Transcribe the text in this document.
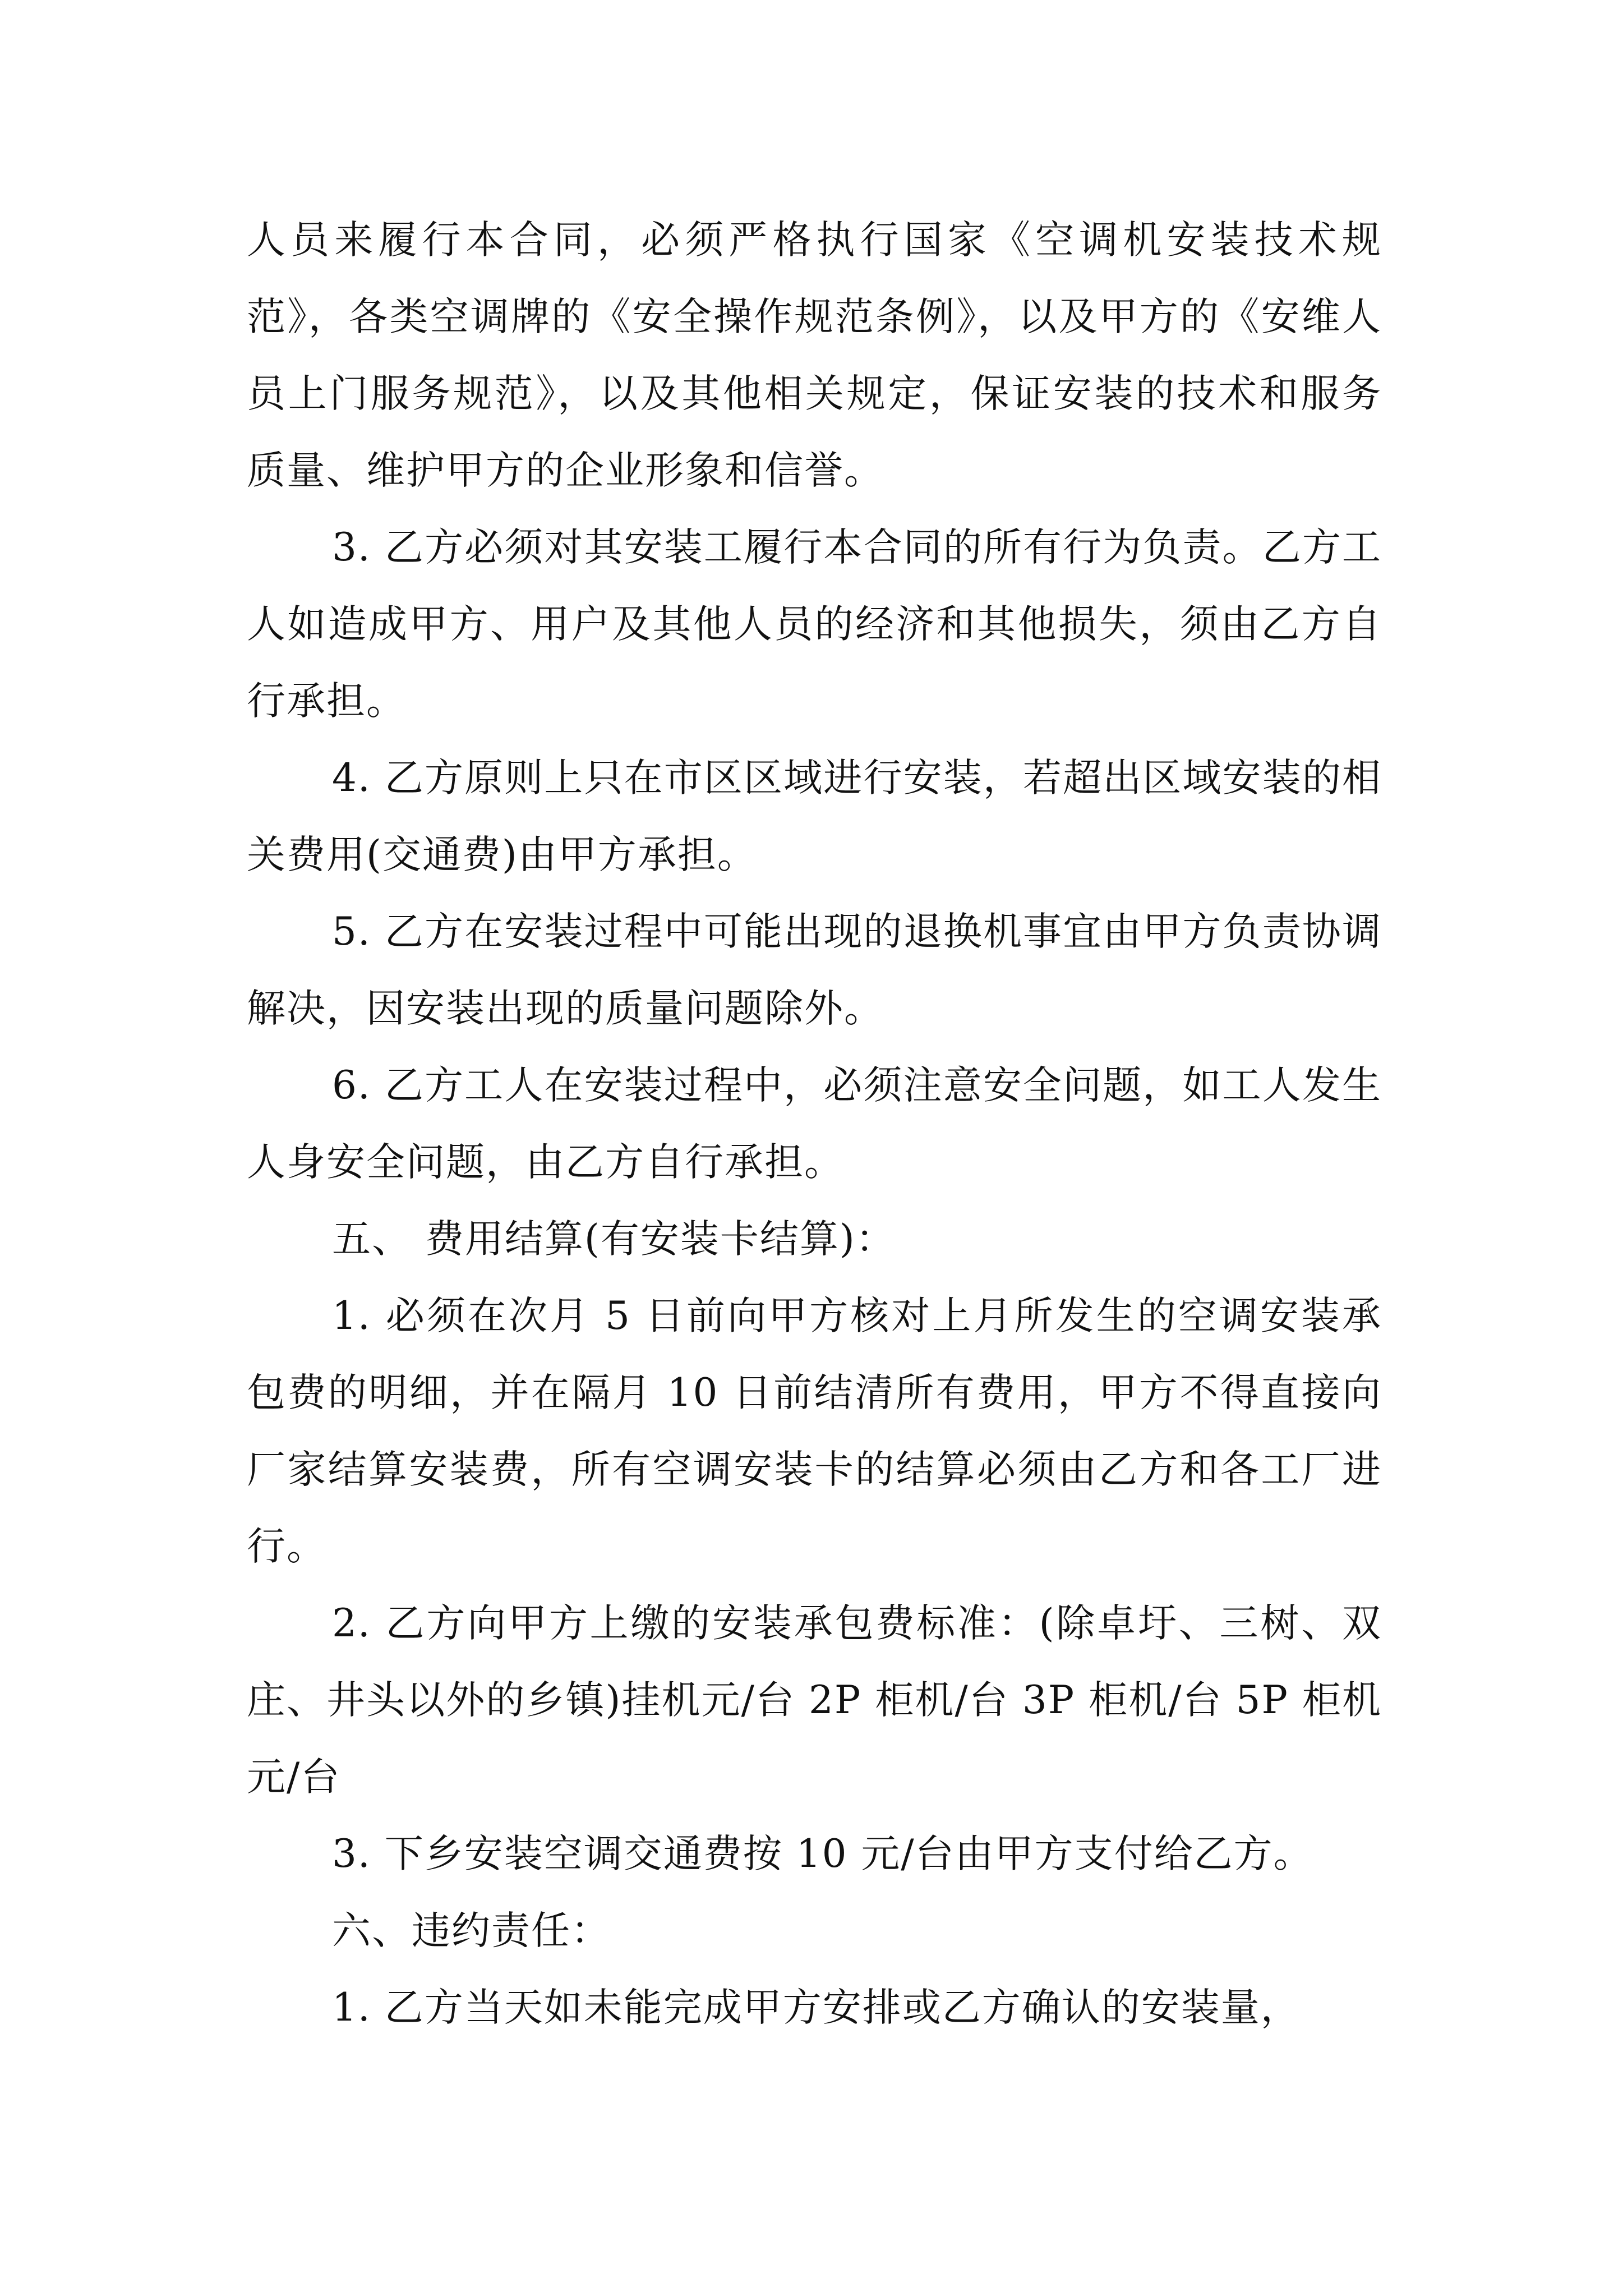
人员来履行本合同，必须严格执行国家《空调机安装技术规范》，各类空调牌的《安全操作规范条例》，以及甲方的《安维人员上门服务规范》，以及其他相关规定，保证安装的技术和服务质量、维护甲方的企业形象和信誉。

3. 乙方必须对其安装工履行本合同的所有行为负责。乙方工人如造成甲方、用户及其他人员的经济和其他损失，须由乙方自行承担。

4. 乙方原则上只在市区区域进行安装，若超出区域安装的相关费用(交通费)由甲方承担。

5. 乙方在安装过程中可能出现的退换机事宜由甲方负责协调解决，因安装出现的质量问题除外。

6. 乙方工人在安装过程中，必须注意安全问题，如工人发生人身安全问题，由乙方自行承担。

五、 费用结算(有安装卡结算)：

1. 必须在次月 5 日前向甲方核对上月所发生的空调安装承包费的明细，并在隔月 10 日前结清所有费用，甲方不得直接向厂家结算安装费，所有空调安装卡的结算必须由乙方和各工厂进行。

2. 乙方向甲方上缴的安装承包费标准：(除卓圩、三树、双庄、井头以外的乡镇)挂机元/台 2P 柜机/台 3P 柜机/台 5P 柜机元/台

3. 下乡安装空调交通费按 10 元/台由甲方支付给乙方。

六、违约责任：

1. 乙方当天如未能完成甲方安排或乙方确认的安装量，
